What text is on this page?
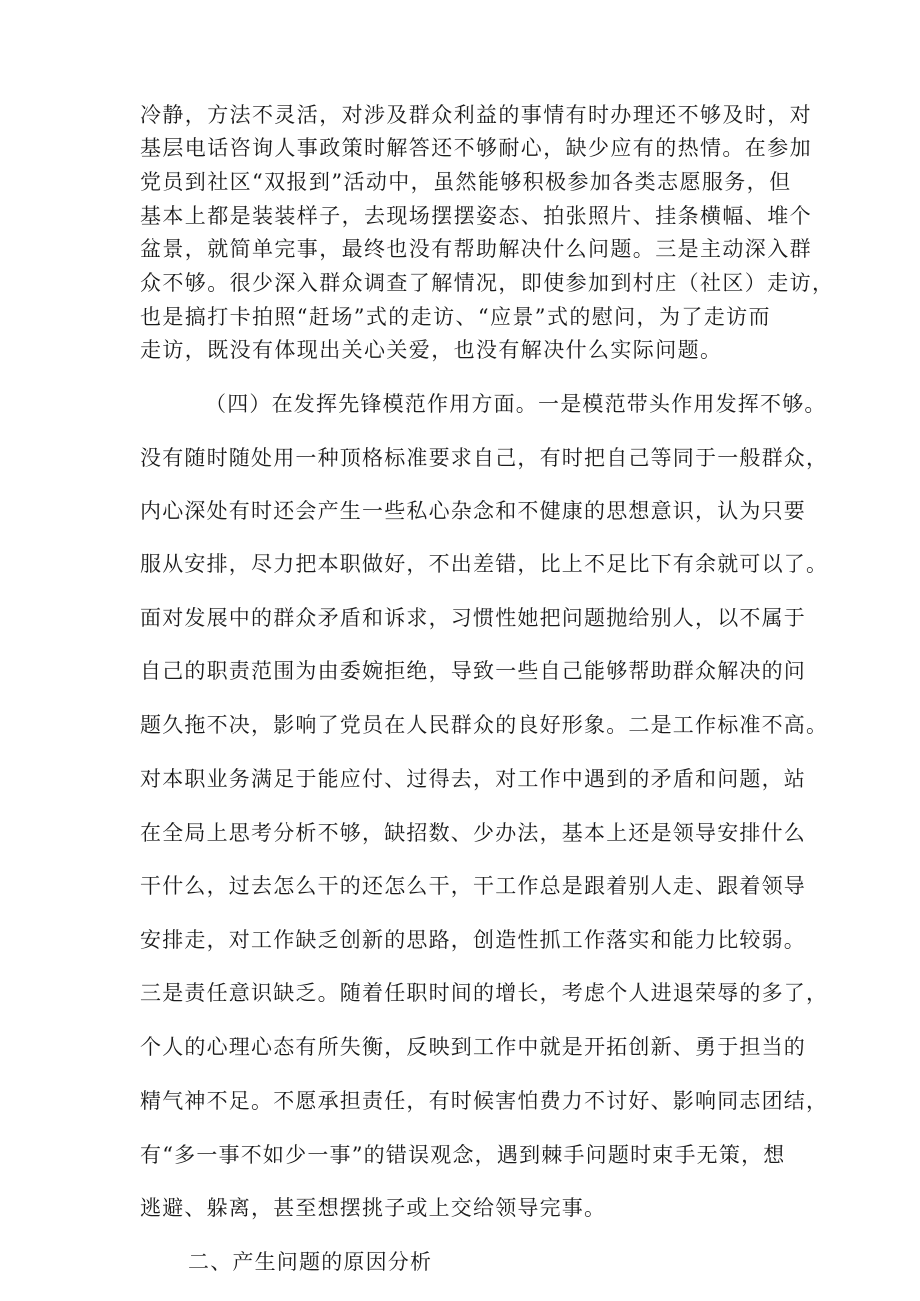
冷静，方法不灵活，对涉及群众利益的事情有时办理还不够及时，对
基层电话咨询人事政策时解答还不够耐心，缺少应有的热情。在参加
党员到社区“双报到”活动中，虽然能够积极参加各类志愿服务，但
基本上都是装装样子，去现场摆摆姿态、拍张照片、挂条横幅、堆个
盆景，就简单完事，最终也没有帮助解决什么问题。三是主动深入群
众不够。很少深入群众调查了解情况，即使参加到村庄（社区）走访，
也是搞打卡拍照“赶场”式的走访、“应景”式的慰问，为了走访而
走访，既没有体现出关心关爱，也没有解决什么实际问题。
（四）在发挥先锋模范作用方面。一是模范带头作用发挥不够。
没有随时随处用一种顶格标准要求自己，有时把自己等同于一般群众，
内心深处有时还会产生一些私心杂念和不健康的思想意识，认为只要
服从安排，尽力把本职做好，不出差错，比上不足比下有余就可以了。
面对发展中的群众矛盾和诉求，习惯性她把问题抛给别人，以不属于
自己的职责范围为由委婉拒绝，导致一些自己能够帮助群众解决的问
题久拖不决，影响了党员在人民群众的良好形象。二是工作标准不高。
对本职业务满足于能应付、过得去，对工作中遇到的矛盾和问题，站
在全局上思考分析不够，缺招数、少办法，基本上还是领导安排什么
干什么，过去怎么干的还怎么干，干工作总是跟着别人走、跟着领导
安排走，对工作缺乏创新的思路，创造性抓工作落实和能力比较弱。
三是责任意识缺乏。随着任职时间的增长，考虑个人进退荣辱的多了，
个人的心理心态有所失衡，反映到工作中就是开拓创新、勇于担当的
精气神不足。不愿承担责任，有时候害怕费力不讨好、影响同志团结，
有“多一事不如少一事”的错误观念，遇到棘手问题时束手无策，想
逃避、躲离，甚至想摆挑子或上交给领导完事。
二、产生问题的原因分析
